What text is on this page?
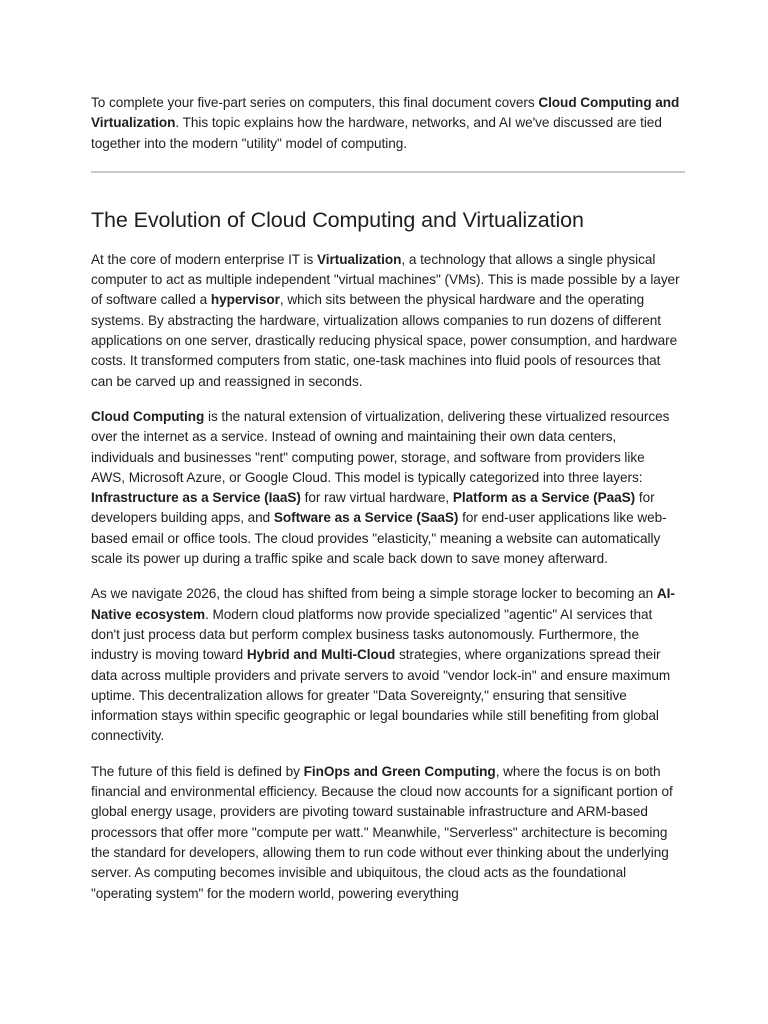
To complete your five-part series on computers, this final document covers Cloud Computing and Virtualization. This topic explains how the hardware, networks, and AI we've discussed are tied together into the modern "utility" model of computing.

The Evolution of Cloud Computing and Virtualization

At the core of modern enterprise IT is Virtualization, a technology that allows a single physical computer to act as multiple independent "virtual machines" (VMs). This is made possible by a layer of software called a hypervisor, which sits between the physical hardware and the operating systems. By abstracting the hardware, virtualization allows companies to run dozens of different applications on one server, drastically reducing physical space, power consumption, and hardware costs. It transformed computers from static, one-task machines into fluid pools of resources that can be carved up and reassigned in seconds.

Cloud Computing is the natural extension of virtualization, delivering these virtualized resources over the internet as a service. Instead of owning and maintaining their own data centers, individuals and businesses "rent" computing power, storage, and software from providers like AWS, Microsoft Azure, or Google Cloud. This model is typically categorized into three layers: Infrastructure as a Service (IaaS) for raw virtual hardware, Platform as a Service (PaaS) for developers building apps, and Software as a Service (SaaS) for end-user applications like web-based email or office tools. The cloud provides "elasticity," meaning a website can automatically scale its power up during a traffic spike and scale back down to save money afterward.

As we navigate 2026, the cloud has shifted from being a simple storage locker to becoming an AI-Native ecosystem. Modern cloud platforms now provide specialized "agentic" AI services that don't just process data but perform complex business tasks autonomously. Furthermore, the industry is moving toward Hybrid and Multi-Cloud strategies, where organizations spread their data across multiple providers and private servers to avoid "vendor lock-in" and ensure maximum uptime. This decentralization allows for greater "Data Sovereignty," ensuring that sensitive information stays within specific geographic or legal boundaries while still benefiting from global connectivity.

The future of this field is defined by FinOps and Green Computing, where the focus is on both financial and environmental efficiency. Because the cloud now accounts for a significant portion of global energy usage, providers are pivoting toward sustainable infrastructure and ARM-based processors that offer more "compute per watt." Meanwhile, "Serverless" architecture is becoming the standard for developers, allowing them to run code without ever thinking about the underlying server. As computing becomes invisible and ubiquitous, the cloud acts as the foundational "operating system" for the modern world, powering everything
